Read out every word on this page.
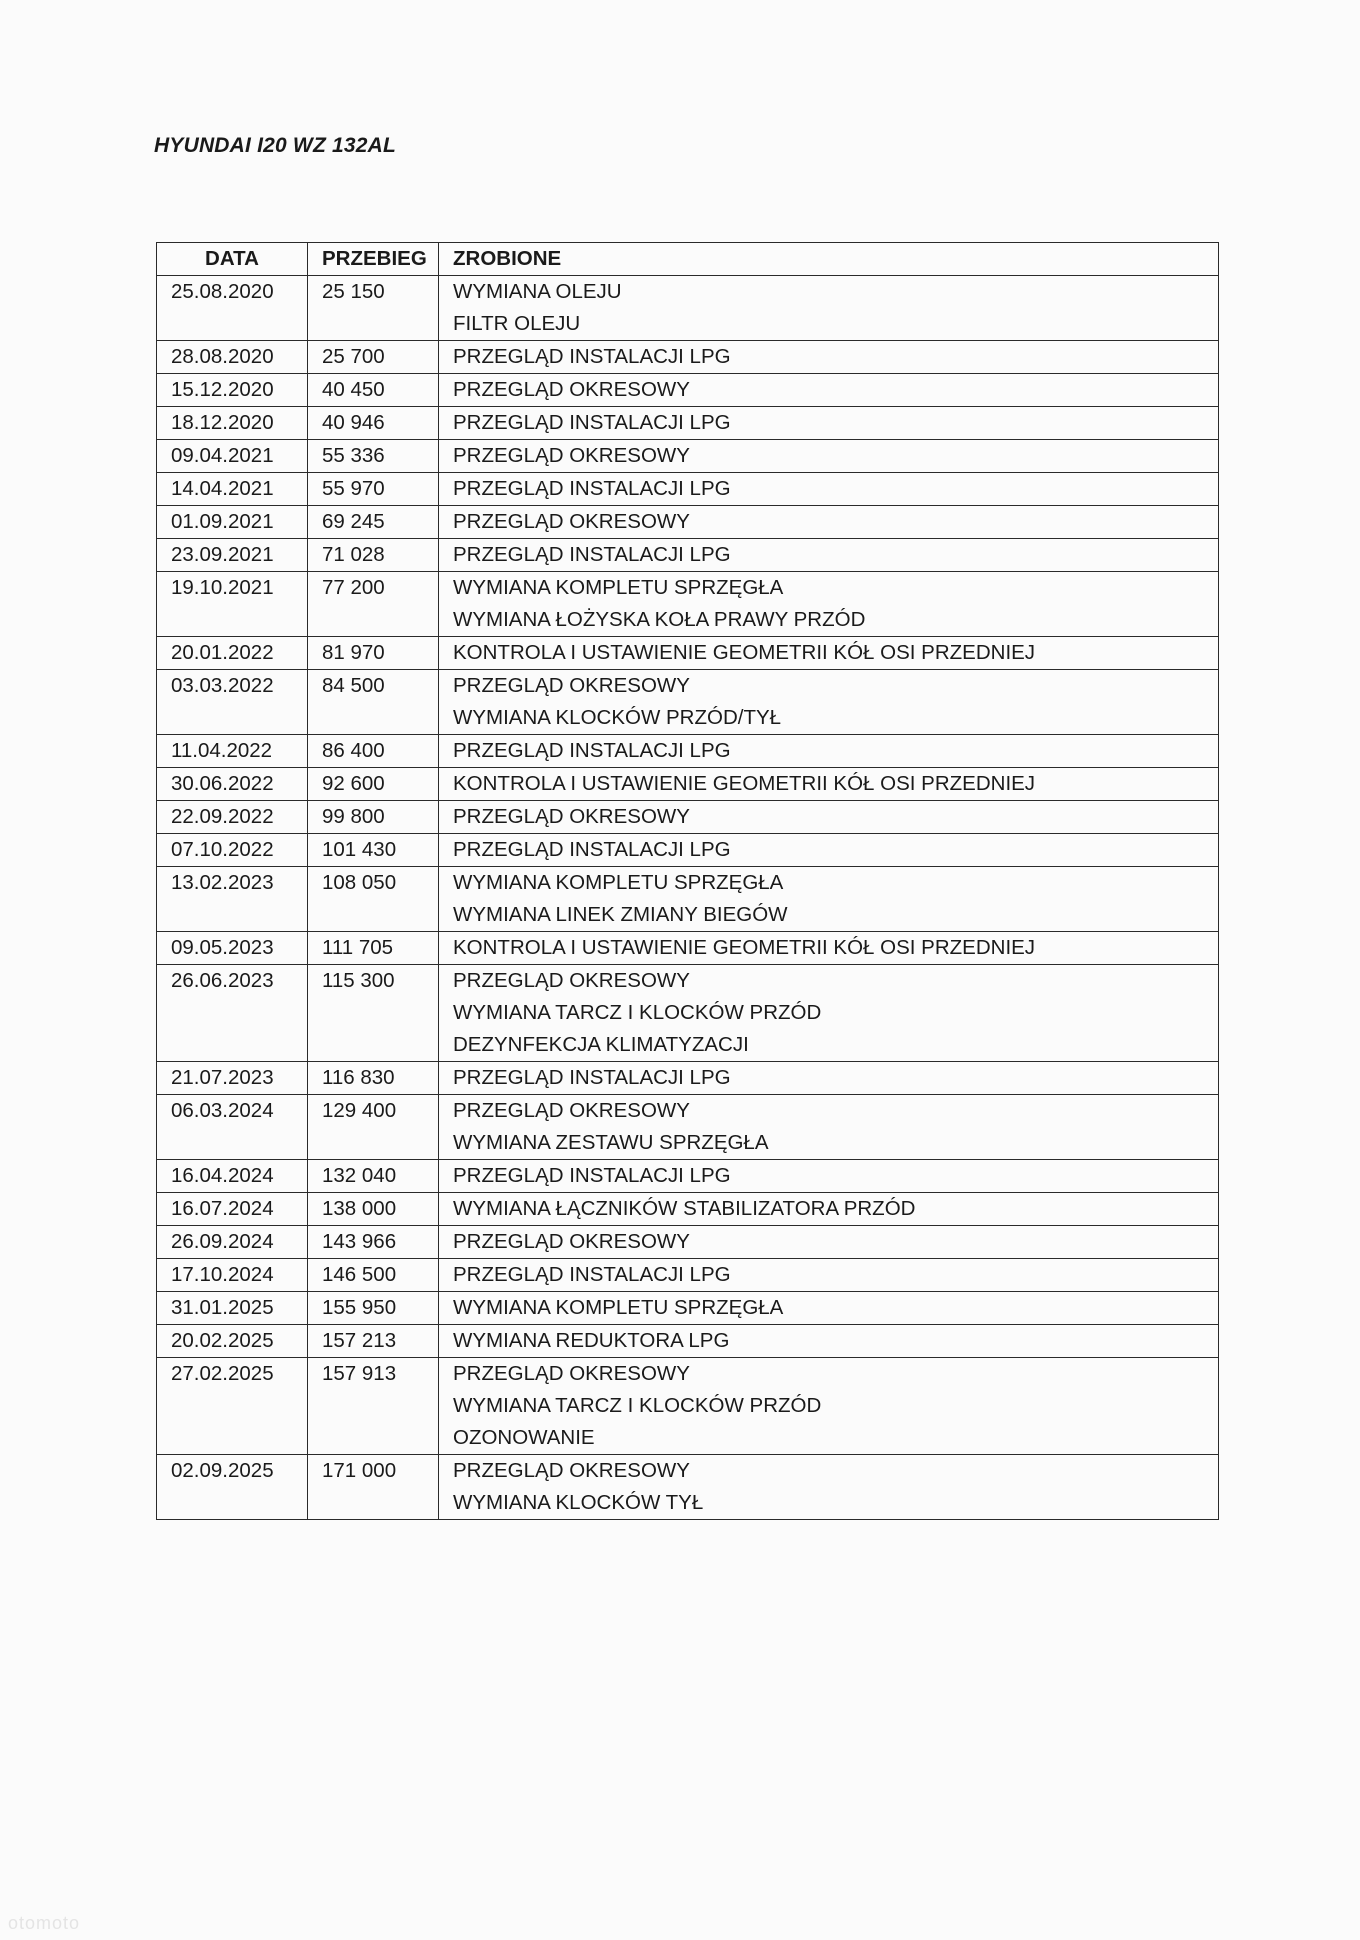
HYUNDAI I20 WZ 132AL
DATA	PRZEBIEG	ZROBIONE
25.08.2020	25 150	WYMIANA OLEJU
FILTR OLEJU

28.08.2020	25 700	PRZEGLĄD INSTALACJI LPG

15.12.2020	40 450	PRZEGLĄD OKRESOWY

18.12.2020	40 946	PRZEGLĄD INSTALACJI LPG

09.04.2021	55 336	PRZEGLĄD OKRESOWY

14.04.2021	55 970	PRZEGLĄD INSTALACJI LPG

01.09.2021	69 245	PRZEGLĄD OKRESOWY

23.09.2021	71 028	PRZEGLĄD INSTALACJI LPG

19.10.2021	77 200	WYMIANA KOMPLETU SPRZĘGŁA
WYMIANA ŁOŻYSKA KOŁA PRAWY PRZÓD

20.01.2022	81 970	KONTROLA I USTAWIENIE GEOMETRII KÓŁ OSI PRZEDNIEJ

03.03.2022	84 500	PRZEGLĄD OKRESOWY
WYMIANA KLOCKÓW PRZÓD/TYŁ

11.04.2022	86 400	PRZEGLĄD INSTALACJI LPG

30.06.2022	92 600	KONTROLA I USTAWIENIE GEOMETRII KÓŁ OSI PRZEDNIEJ

22.09.2022	99 800	PRZEGLĄD OKRESOWY

07.10.2022	101 430	PRZEGLĄD INSTALACJI LPG

13.02.2023	108 050	WYMIANA KOMPLETU SPRZĘGŁA
WYMIANA LINEK ZMIANY BIEGÓW

09.05.2023	111 705	KONTROLA I USTAWIENIE GEOMETRII KÓŁ OSI PRZEDNIEJ

26.06.2023	115 300	PRZEGLĄD OKRESOWY
WYMIANA TARCZ I KLOCKÓW PRZÓD
DEZYNFEKCJA KLIMATYZACJI

21.07.2023	116 830	PRZEGLĄD INSTALACJI LPG

06.03.2024	129 400	PRZEGLĄD OKRESOWY
WYMIANA ZESTAWU SPRZĘGŁA

16.04.2024	132 040	PRZEGLĄD INSTALACJI LPG

16.07.2024	138 000	WYMIANA ŁĄCZNIKÓW STABILIZATORA PRZÓD

26.09.2024	143 966	PRZEGLĄD OKRESOWY

17.10.2024	146 500	PRZEGLĄD INSTALACJI LPG

31.01.2025	155 950	WYMIANA KOMPLETU SPRZĘGŁA

20.02.2025	157 213	WYMIANA REDUKTORA LPG

27.02.2025	157 913	PRZEGLĄD OKRESOWY
WYMIANA TARCZ I KLOCKÓW PRZÓD
OZONOWANIE

02.09.2025	171 000	PRZEGLĄD OKRESOWY
WYMIANA KLOCKÓW TYŁ
otomoto
